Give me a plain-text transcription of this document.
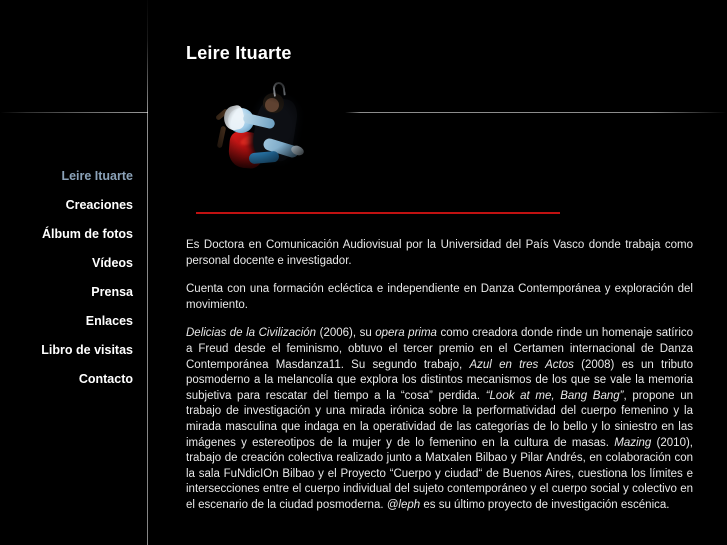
Leire Ituarte
Leire Ituarte
Creaciones
Álbum de fotos
Vídeos
Prensa
Enlaces
Libro de visitas
Contacto

Es Doctora en Comunicación Audiovisual por la Universidad del País Vasco donde trabaja como personal docente e investigador.

Cuenta con una formación ecléctica e independiente en Danza Contemporánea y exploración del movimiento.

Delicias de la Civilización (2006), su opera prima como creadora donde rinde un homenaje satírico a Freud desde el feminismo, obtuvo el tercer premio en el Certamen internacional de Danza Contemporánea Masdanza11. Su segundo trabajo, Azul en tres Actos (2008) es un tributo posmoderno a la melancolía que explora los distintos mecanismos de los que se vale la memoria subjetiva para rescatar del tiempo a la “cosa” perdida. “Look at me, Bang Bang”, propone un trabajo de investigación y una mirada irónica sobre la performatividad del cuerpo femenino y la mirada masculina que indaga en la operatividad de las categorías de lo bello y lo siniestro en las imágenes y estereotipos de la mujer y de lo femenino en la cultura de masas. Mazing (2010), trabajo de creación colectiva realizado junto a Matxalen Bilbao y Pilar Andrés, en colaboración con la sala FuNdicIOn Bilbao y el Proyecto “Cuerpo y ciudad“ de Buenos Aires, cuestiona los límites e intersecciones entre el cuerpo individual del sujeto contemporáneo y el cuerpo social y colectivo en el escenario de la ciudad posmoderna. @leph es su último proyecto de investigación escénica.
